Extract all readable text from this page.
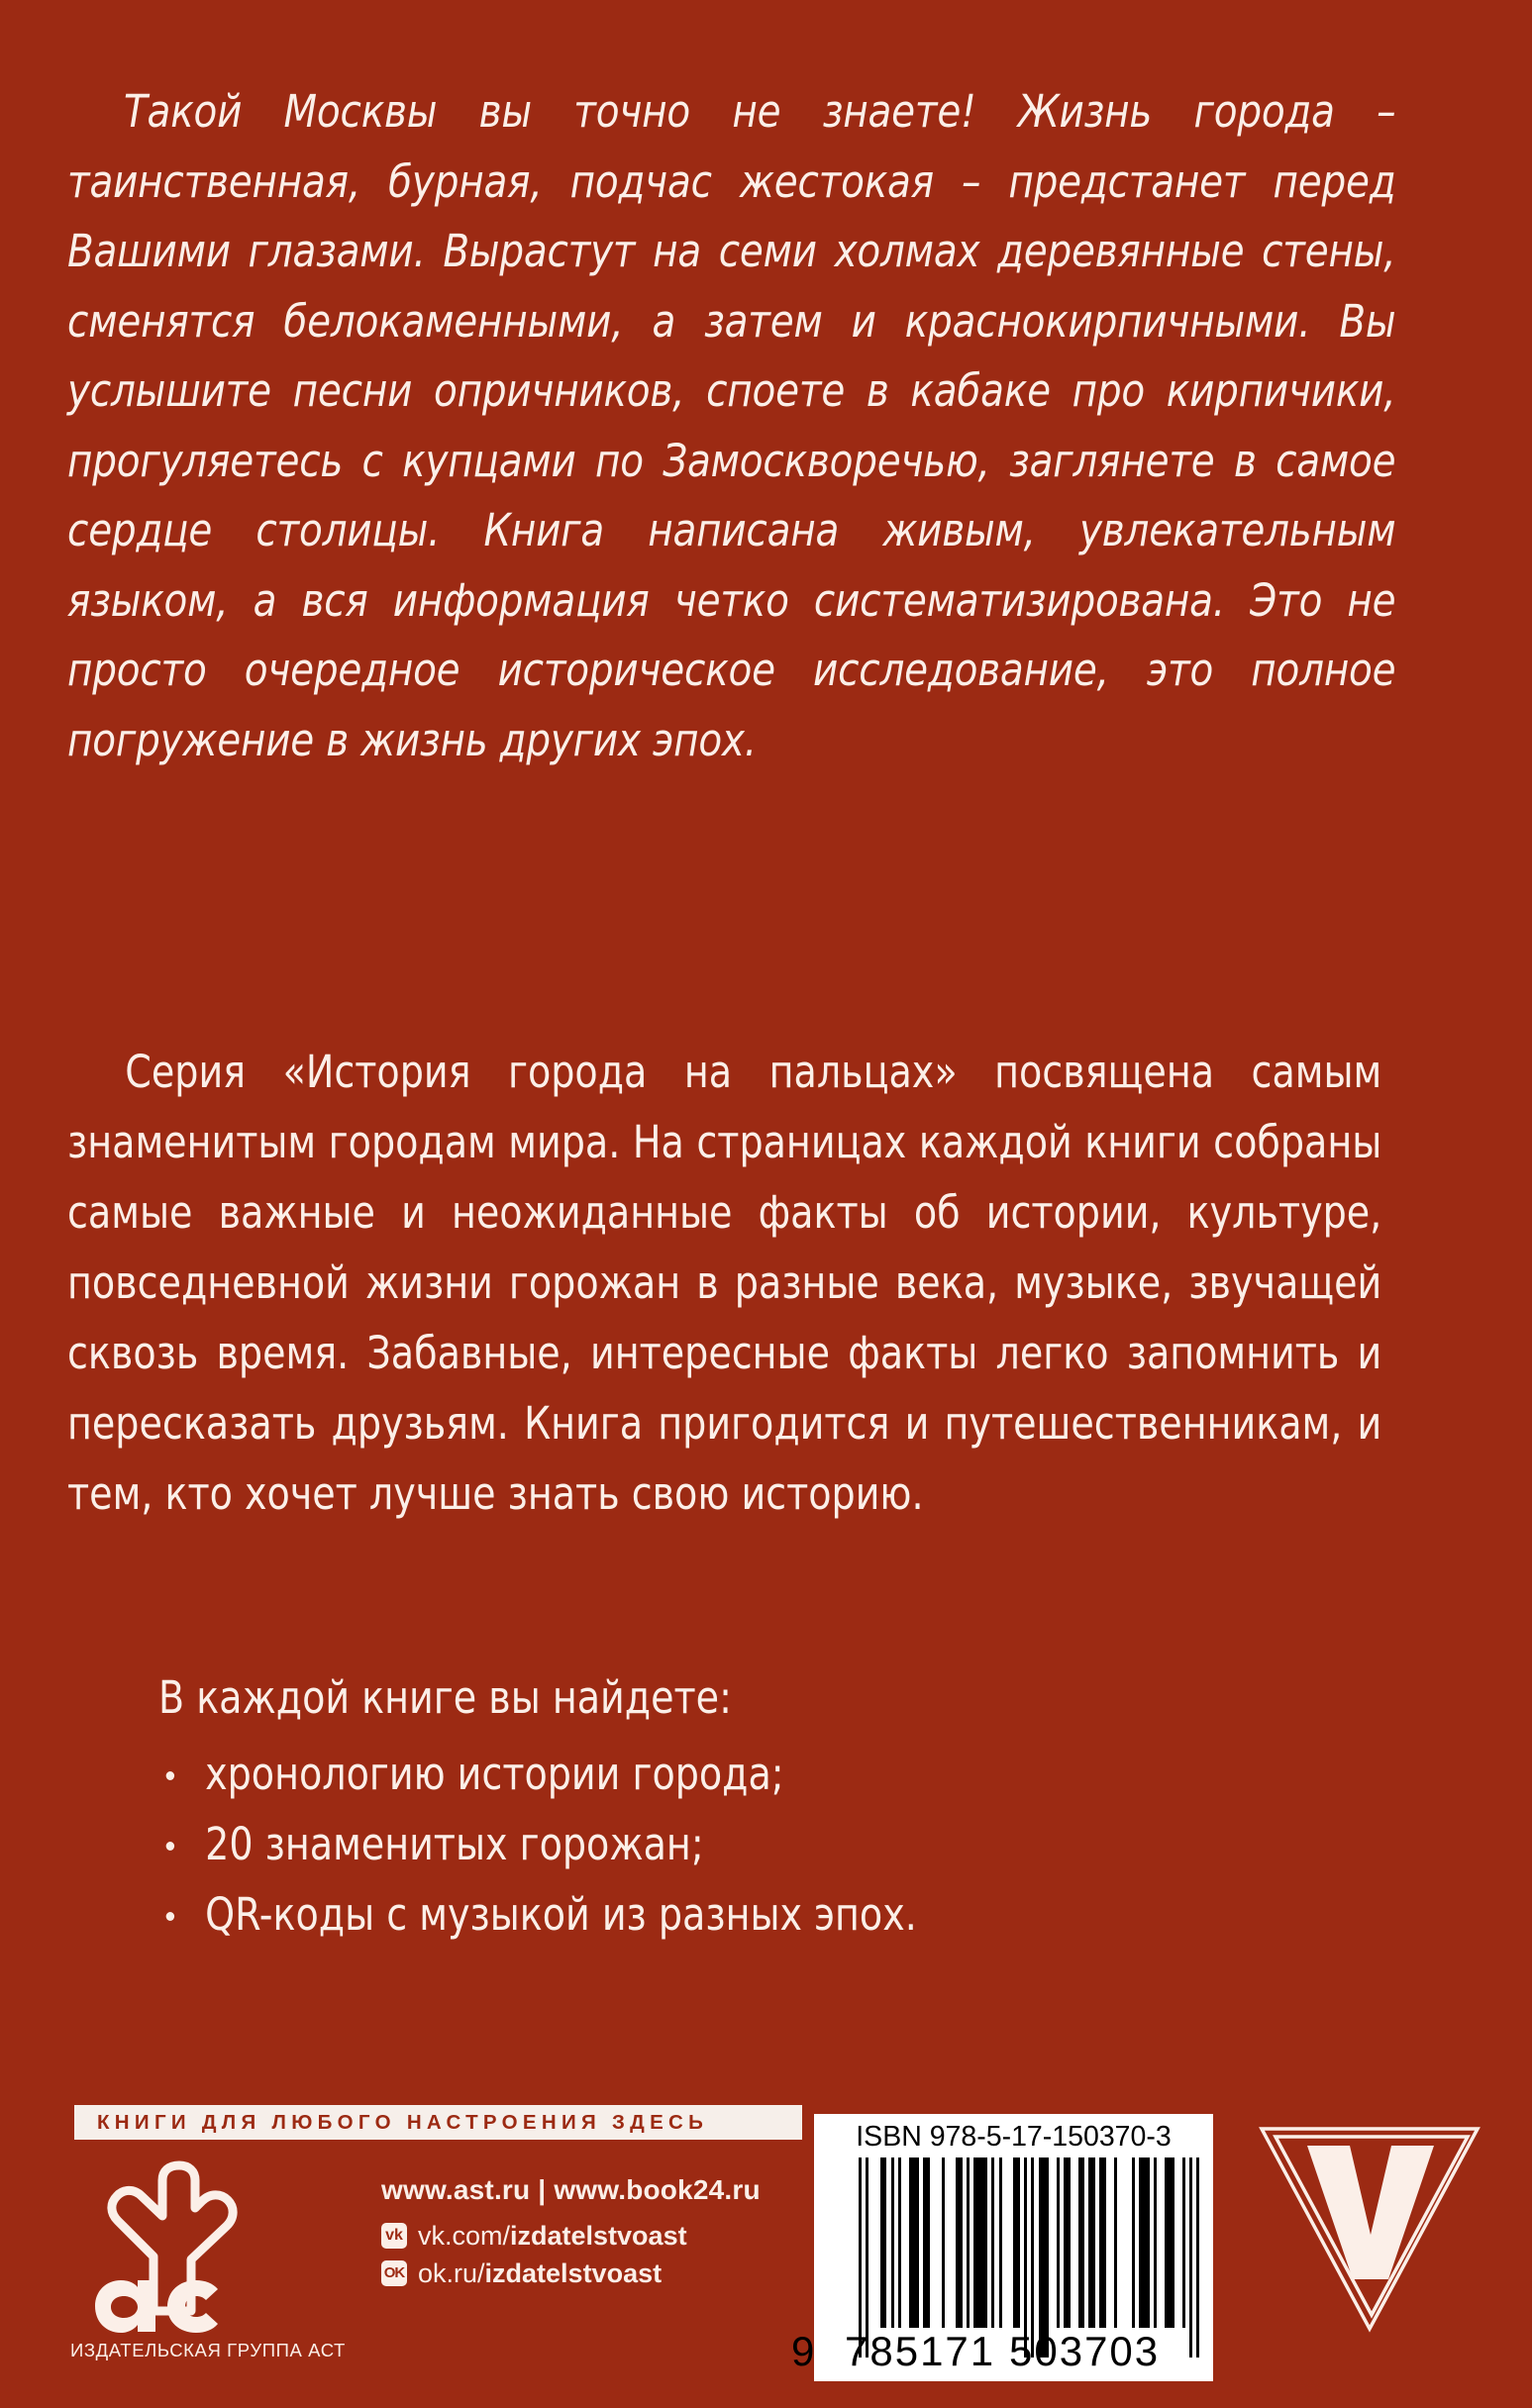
Такой Москвы вы точно не знаете! Жизнь города – таинственная, бурная, подчас жестокая – предстанет перед Вашими глазами. Вырастут на семи холмах деревянные стены, сменятся белокаменными, а затем и краснокирпичными. Вы услышите песни опричников, споете в кабаке про кирпичики, прогуляетесь с купцами по Замоскворечью, заглянете в самое сердце столицы. Книга написана живым, увлекательным языком, а вся информация четко систематизирована. Это не просто очередное историческое исследование, это полное погружение в жизнь других эпох.
Серия «История города на пальцах» посвящена самым знаменитым городам мира. На страницах каждой книги собраны самые важные и неожиданные факты об истории, культуре, повседневной жизни горожан в разные века, музыке, звучащей сквозь время. Забавные, интересные факты легко запомнить и пересказать друзьям. Книга пригодится и путешественникам, и тем, кто хочет лучше знать свою историю.
В каждой книге вы найдете:
хронологию истории города;
20 знаменитых горожан;
QR-коды с музыкой из разных эпох.
КНИГИ ДЛЯ ЛЮБОГО НАСТРОЕНИЯ ЗДЕСЬ
ИЗДАТЕЛЬСКАЯ ГРУППА АСТ
www.ast.ru | www.book24.ru
vk vk.com/ izdatelstvoast
OK ok.ru/ izdatelstvoast
ISBN 978-5-17-150370-3
9 785171 503703
